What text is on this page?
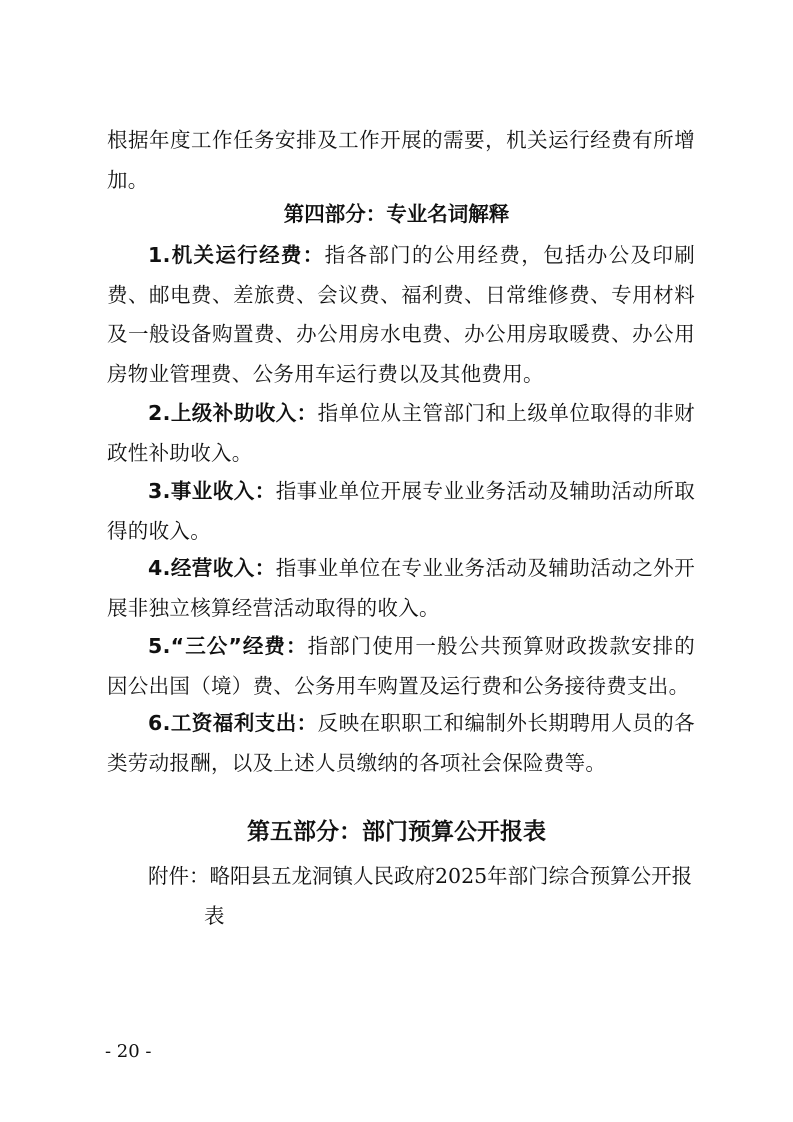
根据年度工作任务安排及工作开展的需要，机关运行经费有所增加。
第四部分：专业名词解释
1.机关运行经费：指各部门的公用经费，包括办公及印刷费、邮电费、差旅费、会议费、福利费、日常维修费、专用材料及一般设备购置费、办公用房水电费、办公用房取暖费、办公用房物业管理费、公务用车运行费以及其他费用。
2.上级补助收入：指单位从主管部门和上级单位取得的非财政性补助收入。
3.事业收入：指事业单位开展专业业务活动及辅助活动所取得的收入。
4.经营收入：指事业单位在专业业务活动及辅助活动之外开展非独立核算经营活动取得的收入。
5.“三公”经费：指部门使用一般公共预算财政拨款安排的因公出国（境）费、公务用车购置及运行费和公务接待费支出。
6.工资福利支出：反映在职职工和编制外长期聘用人员的各类劳动报酬，以及上述人员缴纳的各项社会保险费等。
第五部分：部门预算公开报表
附件：略阳县五龙洞镇人民政府2025年部门综合预算公开报
表
- 20 -
